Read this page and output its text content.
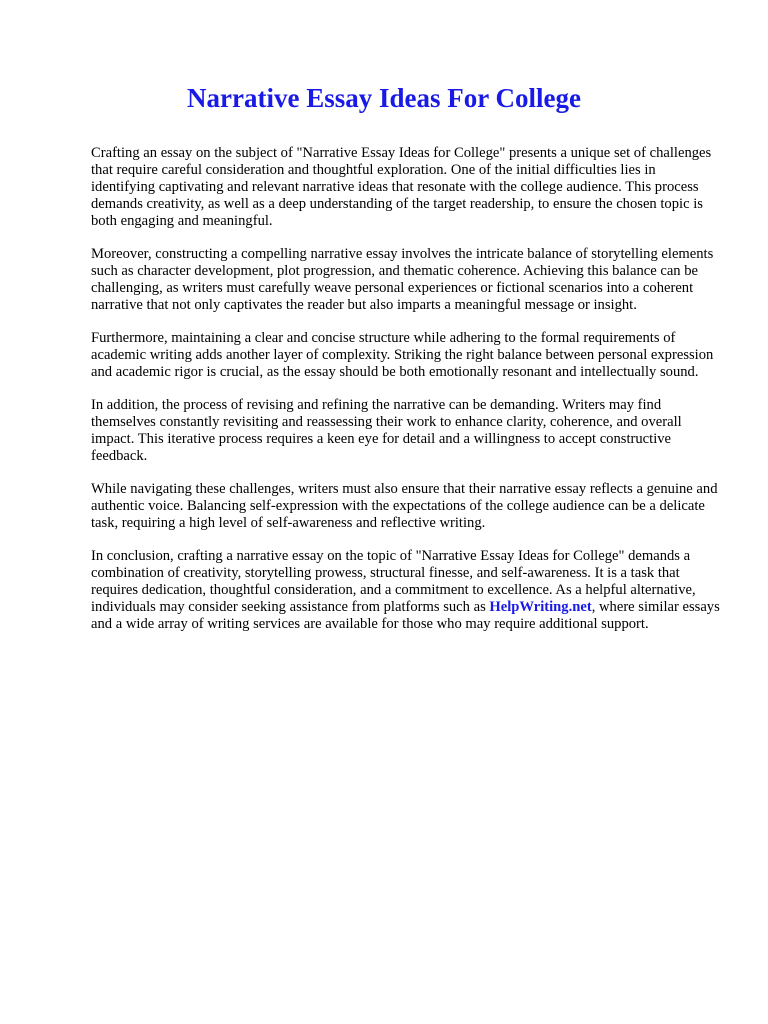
Narrative Essay Ideas For College

Crafting an essay on the subject of "Narrative Essay Ideas for College" presents a unique set of challenges that require careful consideration and thoughtful exploration. One of the initial difficulties lies in identifying captivating and relevant narrative ideas that resonate with the college audience. This process demands creativity, as well as a deep understanding of the target readership, to ensure the chosen topic is both engaging and meaningful.

Moreover, constructing a compelling narrative essay involves the intricate balance of storytelling elements such as character development, plot progression, and thematic coherence. Achieving this balance can be challenging, as writers must carefully weave personal experiences or fictional scenarios into a coherent narrative that not only captivates the reader but also imparts a meaningful message or insight.

Furthermore, maintaining a clear and concise structure while adhering to the formal requirements of academic writing adds another layer of complexity. Striking the right balance between personal expression and academic rigor is crucial, as the essay should be both emotionally resonant and intellectually sound.

In addition, the process of revising and refining the narrative can be demanding. Writers may find themselves constantly revisiting and reassessing their work to enhance clarity, coherence, and overall impact. This iterative process requires a keen eye for detail and a willingness to accept constructive feedback.

While navigating these challenges, writers must also ensure that their narrative essay reflects a genuine and authentic voice. Balancing self-expression with the expectations of the college audience can be a delicate task, requiring a high level of self-awareness and reflective writing.

In conclusion, crafting a narrative essay on the topic of "Narrative Essay Ideas for College" demands a combination of creativity, storytelling prowess, structural finesse, and self-awareness. It is a task that requires dedication, thoughtful consideration, and a commitment to excellence. As a helpful alternative, individuals may consider seeking assistance from platforms such as HelpWriting.net, where similar essays and a wide array of writing services are available for those who may require additional support.
